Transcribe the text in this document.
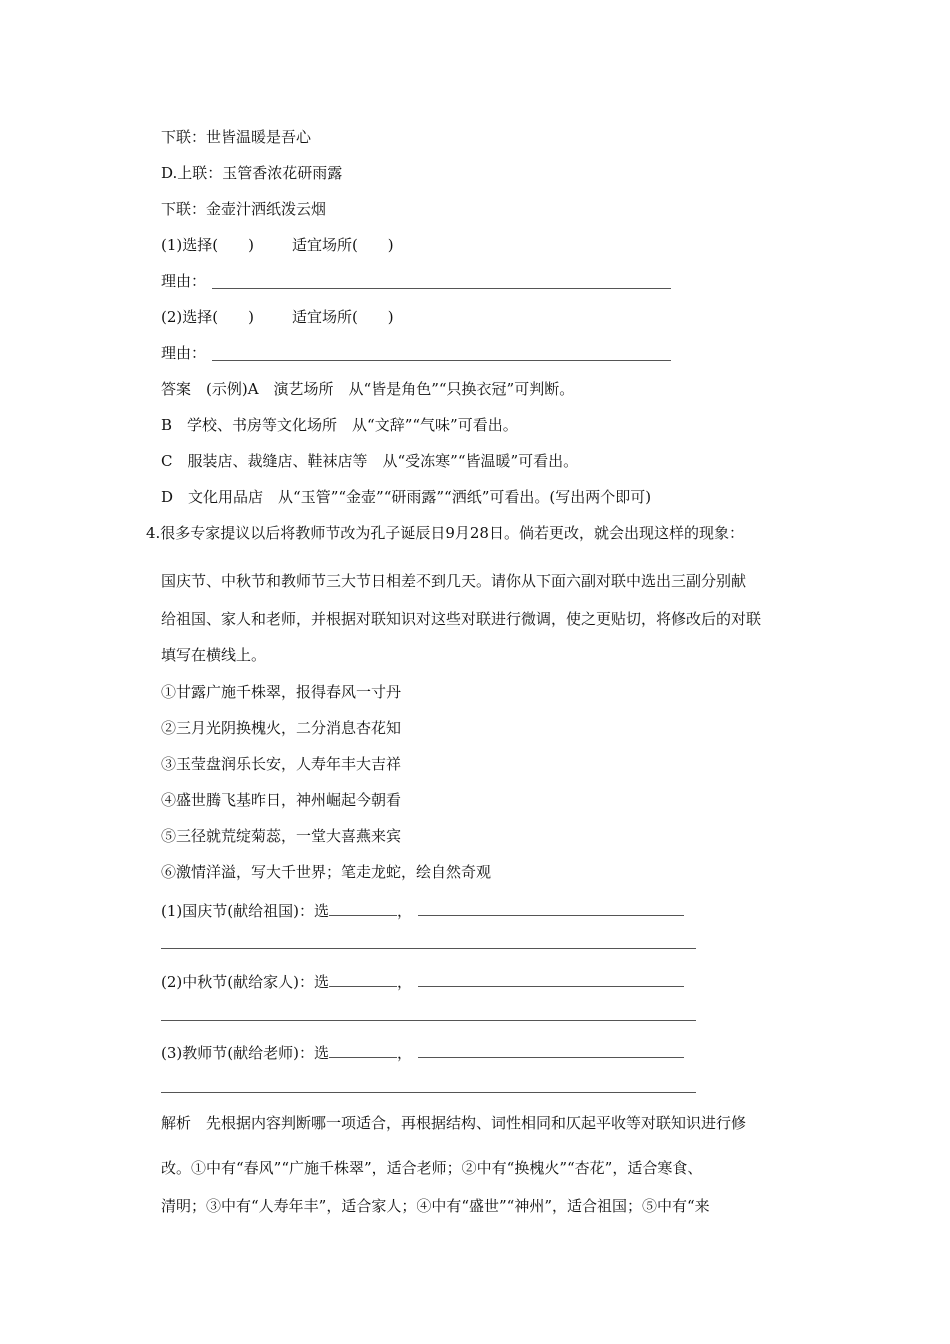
下联：世皆温暖是吾心
D.上联：玉管香浓花研雨露
下联：金壶汁洒纸泼云烟
(1)选择(　　)	适宜场所(　　)
理由：
(2)选择(　　)	适宜场所(　　)
理由：
答案　(示例)A　演艺场所　从“皆是角色”“只换衣冠”可判断。
B　学校、书房等文化场所　从“文辞”“气味”可看出。
C　服装店、裁缝店、鞋袜店等　从“受冻寒”“皆温暖”可看出。
D　文化用品店　从“玉管”“金壶”“研雨露”“洒纸”可看出。(写出两个即可)
4.很多专家提议以后将教师节改为孔子诞辰日9月28日。倘若更改，就会出现这样的现象：
国庆节、中秋节和教师节三大节日相差不到几天。请你从下面六副对联中选出三副分别献
给祖国、家人和老师，并根据对联知识对这些对联进行微调，使之更贴切，将修改后的对联
填写在横线上。
①甘露广施千株翠，报得春风一寸丹
②三月光阴换槐火，二分消息杏花知
③玉莹盘润乐长安，人寿年丰大吉祥
④盛世腾飞基昨日，神州崛起今朝看
⑤三径就荒绽菊蕊，一堂大喜燕来宾
⑥激情洋溢，写大千世界；笔走龙蛇，绘自然奇观
(1)国庆节(献给祖国)：选	，
(2)中秋节(献给家人)：选	，
(3)教师节(献给老师)：选	，
解析　先根据内容判断哪一项适合，再根据结构、词性相同和仄起平收等对联知识进行修
改。①中有“春风”“广施千株翠”，适合老师；②中有“换槐火”“杏花”，适合寒食、
清明；③中有“人寿年丰”，适合家人；④中有“盛世”“神州”，适合祖国；⑤中有“来
